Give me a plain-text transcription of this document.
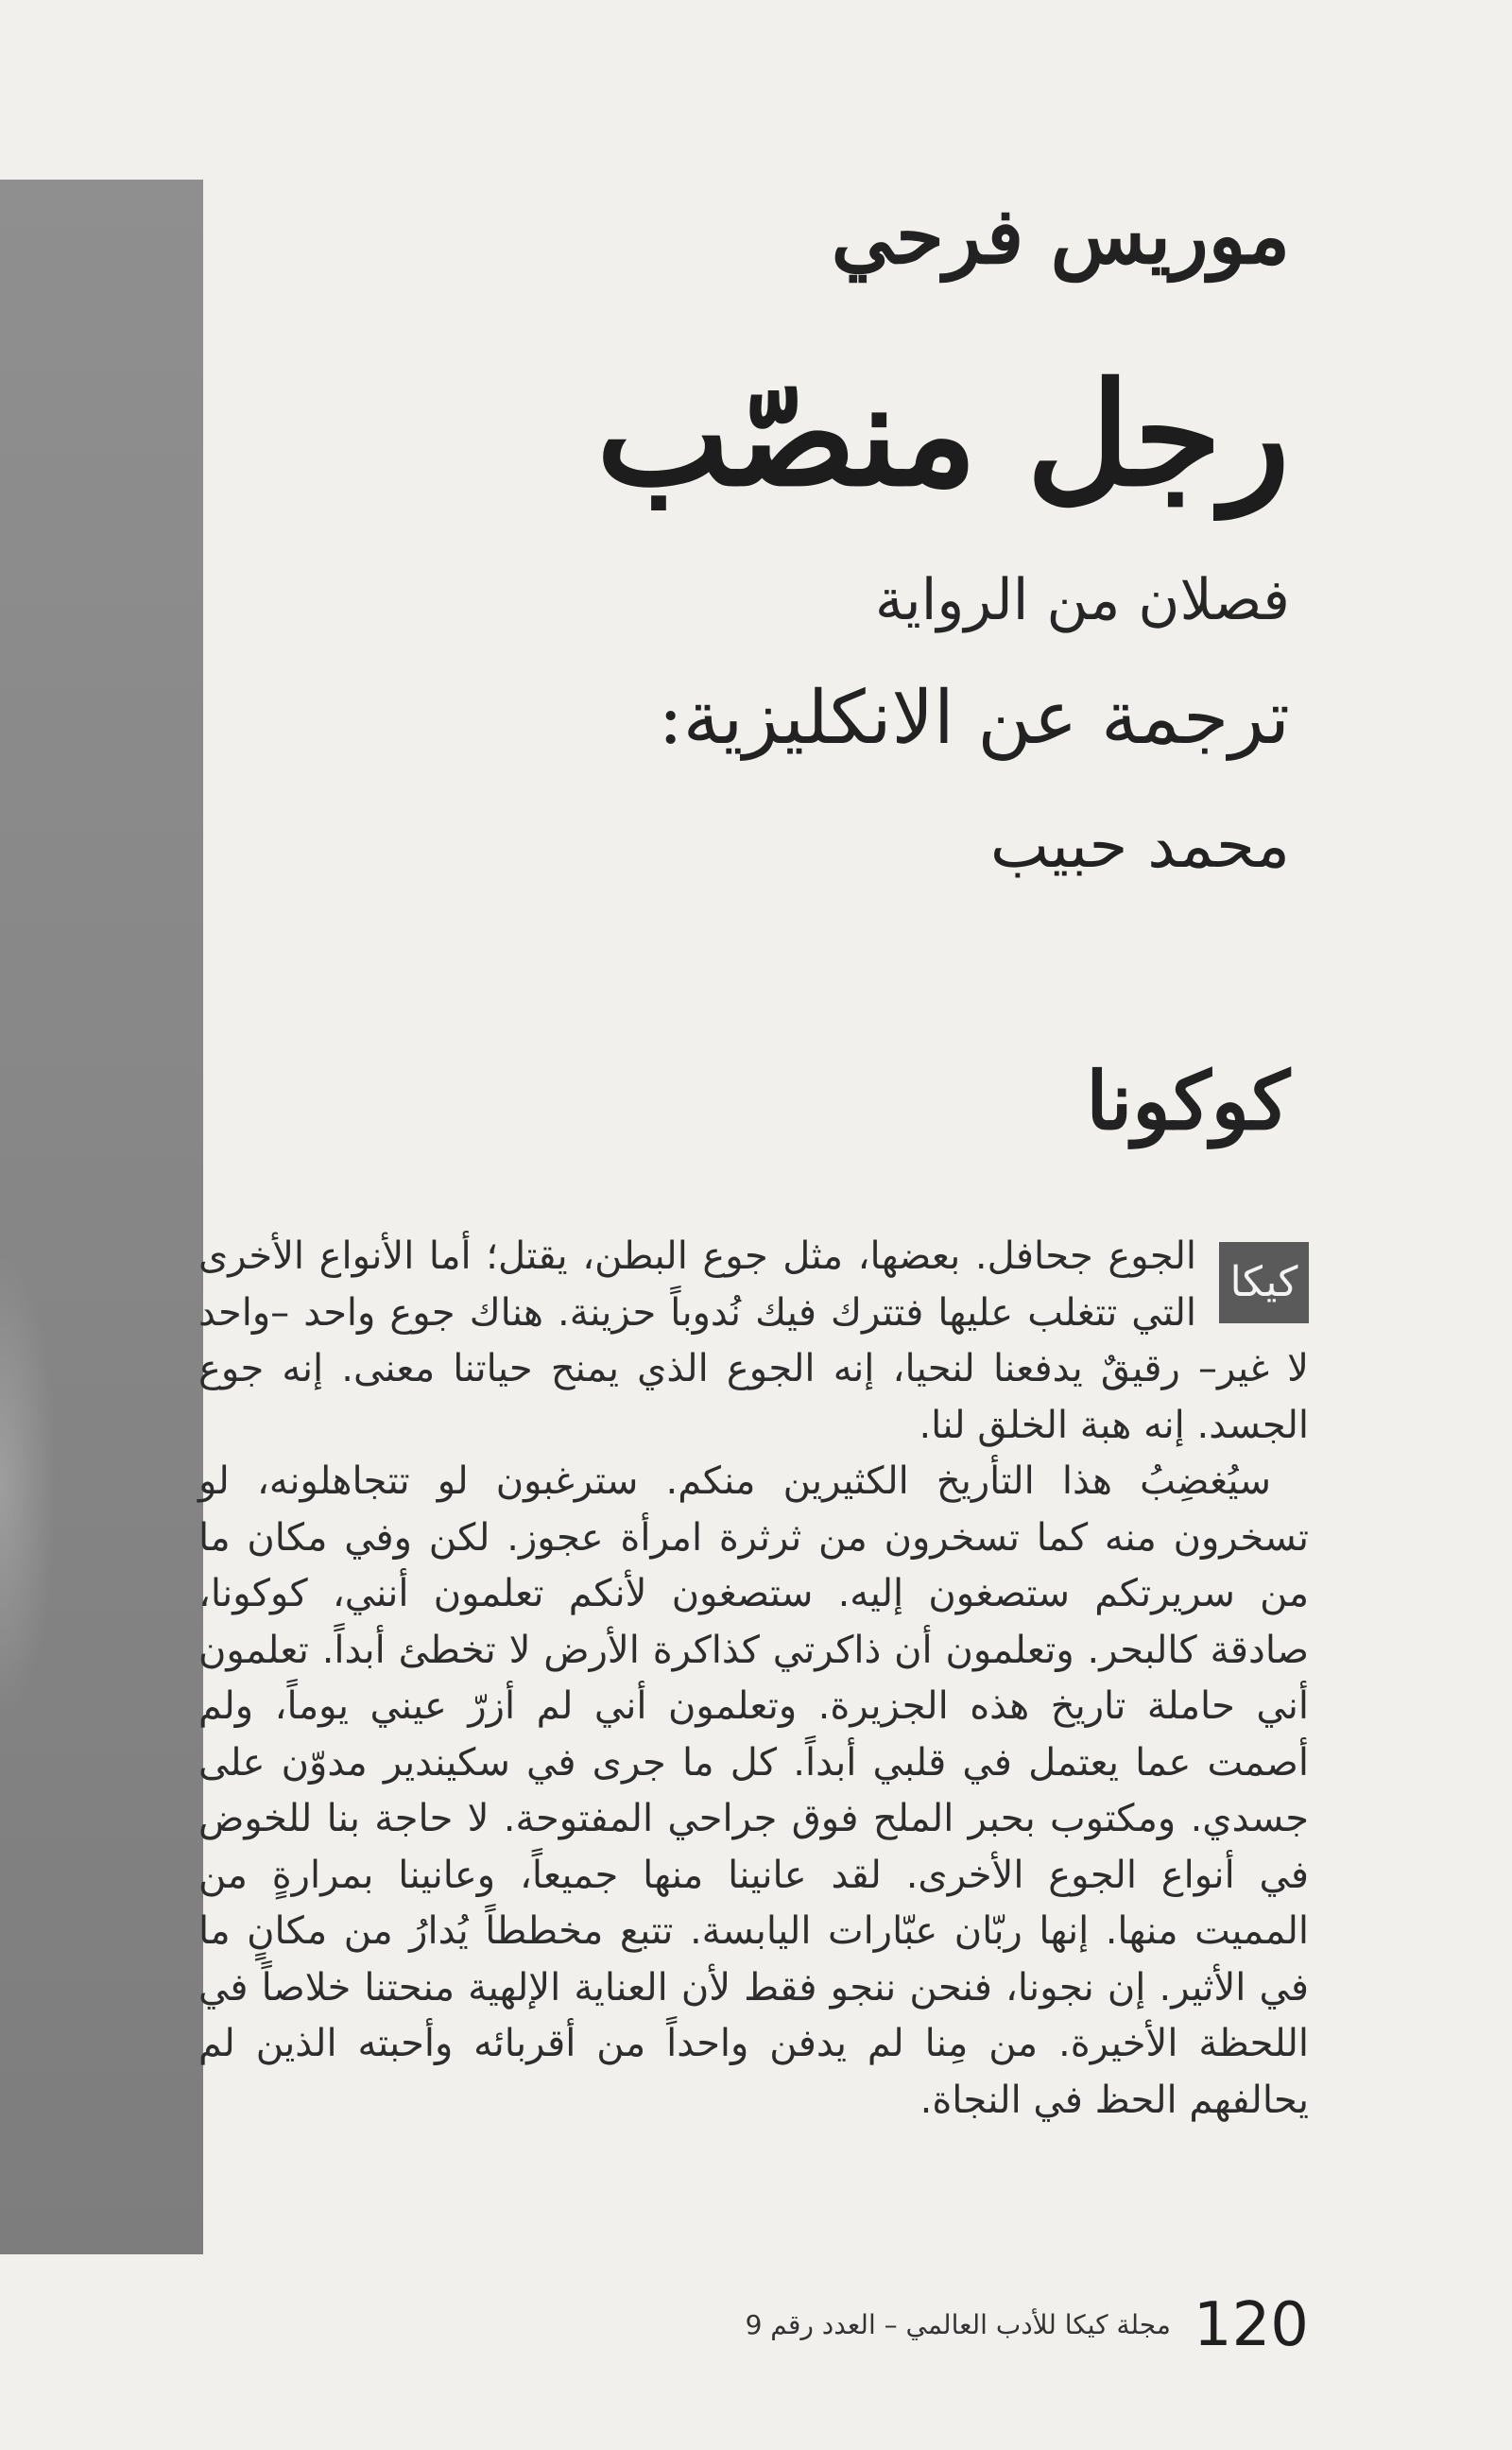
موريس فرحي
رجل منصّب
فصلان من الرواية
ترجمة عن الانكليزية:
محمد حبيب
كوكونا

كيكا
الجوع جحافل. بعضها، مثل جوع البطن، يقتل؛ أما الأنواع الأخرى التي تتغلب عليها فتترك فيك نُدوباً حزينة. هناك جوع واحد –واحد لا غير– رقيقٌ يدفعنا لنحيا، إنه الجوع الذي يمنح حياتنا معنى. إنه جوع الجسد. إنه هبة الخلق لنا.

سيُغضِبُ هذا التأريخ الكثيرين منكم. سترغبون لو تتجاهلونه، لو تسخرون منه كما تسخرون من ثرثرة امرأة عجوز. لكن وفي مكان ما من سريرتكم ستصغون إليه. ستصغون لأنكم تعلمون أنني، كوكونا، صادقة كالبحر. وتعلمون أن ذاكرتي كذاكرة الأرض لا تخطئ أبداً. تعلمون أني حاملة تاريخ هذه الجزيرة. وتعلمون أني لم أزرّ عيني يوماً، ولم أصمت عما يعتمل في قلبي أبداً. كل ما جرى في سكيندير مدوّن على جسدي. ومكتوب بحبر الملح فوق جراحي المفتوحة. لا حاجة بنا للخوض في أنواع الجوع الأخرى. لقد عانينا منها جميعاً، وعانينا بمرارةٍ من المميت منها. إنها ربّان عبّارات اليابسة. تتبع مخططاً يُدارُ من مكانٍ ما في الأثير. إن نجونا، فنحن ننجو فقط لأن العناية الإلهية منحتنا خلاصاً في اللحظة الأخيرة. من مِنا لم يدفن واحداً من أقربائه وأحبته الذين لم يحالفهم الحظ في النجاة.

120
مجلة كيكا للأدب العالمي – العدد رقم 9
